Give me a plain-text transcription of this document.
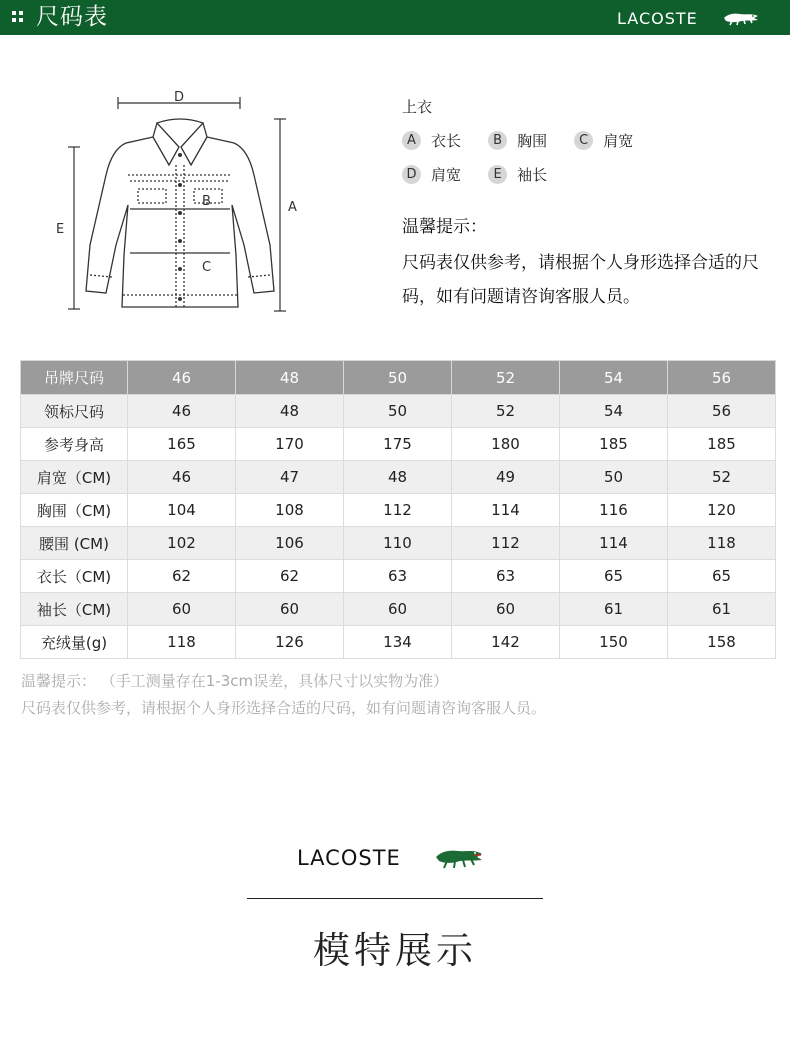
尺码表	LACOSTE
D
A
E
B
C
上衣
A 衣长 B 胸围 C 肩宽
D 肩宽 E 袖长
温馨提示：
尺码表仅供参考，请根据个人身形选择合适的尺码，如有问题请咨询客服人员。
吊牌尺码	46	48	50	52	54	56
领标尺码	46	48	50	52	54	56
参考身高	165	170	175	180	185	185
肩宽（CM)	46	47	48	49	50	52
胸围（CM)	104	108	112	114	116	120
腰围 (CM)	102	106	110	112	114	118
衣长（CM)	62	62	63	63	65	65
袖长（CM)	60	60	60	60	61	61
充绒量(g)	118	126	134	142	150	158
温馨提示： （手工测量存在1-3cm误差，具体尺寸以实物为准）
尺码表仅供参考，请根据个人身形选择合适的尺码，如有问题请咨询客服人员。
LACOSTE
模特展示
